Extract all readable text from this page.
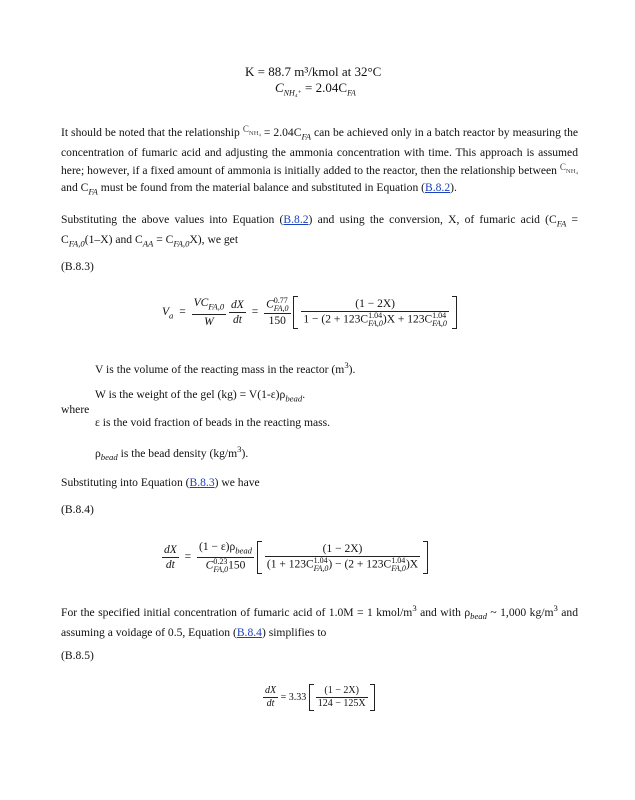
K = 88.7 m³/kmol at 32°C
$C_{NH_4^+} = 2.04C_{FA}$
It should be noted that the relationship $^{C_{NH_4}} = 2.04C_{FA}$ can be achieved only in a batch reactor by measuring the concentration of fumaric acid and adjusting the ammonia concentration with time. This approach is assumed here; however, if a fixed amount of ammonia is initially added to the reactor, then the relationship between $^{C_{NH_4}}$ and $C_{FA}$ must be found from the material balance and substituted in Equation (B.8.2).
Substituting the above values into Equation (B.8.2) and using the conversion, X, of fumaric acid ($C_{FA} = C_{FA,0}(1-X)$ and $C_{AA} = C_{FA,0}X$), we get
(B.8.3)
$V_a = \frac{VC_{FA,0}}{W}$
$\frac{dX}{dt}$ =
C0.77
FA,0
150

(1 − 2X)
1 − (2 + 123C1.04
FA,0)X + 123C1.04
FA,0
V is the volume of the reacting mass in the reactor $(m^3)$.
W is the weight of the gel $(kg) = V(1-\varepsilon)\rho_{bead}$.
where
ε is the void fraction of beads in the reacting mass.
$\rho_{bead}$ is the bead density $(kg/m^3)$.
Substituting into Equation (B.8.3) we have
(B.8.4)
$\frac{dX}{dt}$ =
$(1 - \varepsilon)\rho_{bead}$
C0.23
FA,0150

(1 − 2X)
(1 + 123C1.04
FA,0) − (2 + 123C1.04
FA,0)X
For the specified initial concentration of fumaric acid of 1.0M = 1 kmol/$m^3$ and with $\rho_{bead}$ ~ 1,000 $kg/m^3$ and assuming a voidage of 0.5, Equation (B.8.4) simplifies to
(B.8.5)
$\frac{dX}{dt} = 3.33 \frac{(1 - 2X)}{124 - 125X}$
